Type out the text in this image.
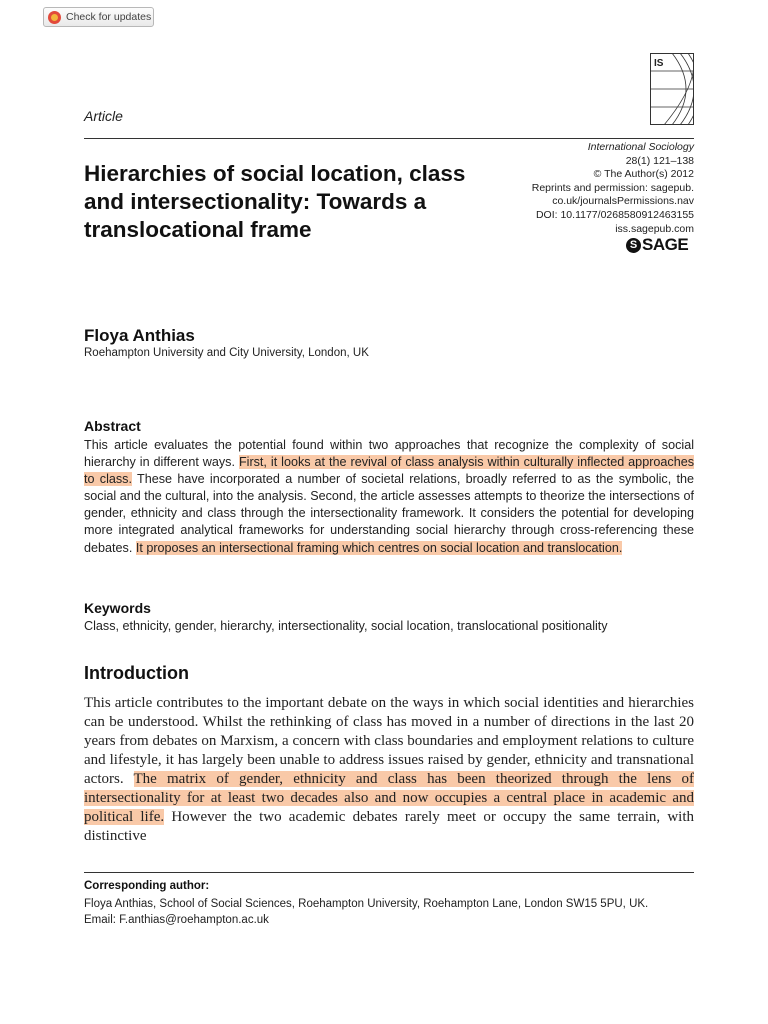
Check for updates
IS
Article
International Sociology
28(1) 121–138
© The Author(s) 2012
Reprints and permission: sagepub.
co.uk/journalsPermissions.nav
DOI: 10.1177/0268580912463155
iss.sagepub.com
S SAGE
Hierarchies of social location, class and intersectionality: Towards a translocational frame
Floya Anthias
Roehampton University and City University, London, UK
Abstract

This article evaluates the potential found within two approaches that recognize the complexity of social hierarchy in different ways. First, it looks at the revival of class analysis within culturally inflected approaches to class. These have incorporated a number of societal relations, broadly referred to as the symbolic, the social and the cultural, into the analysis. Second, the article assesses attempts to theorize the intersections of gender, ethnicity and class through the intersectionality framework. It considers the potential for developing more integrated analytical frameworks for understanding social hierarchy through cross-referencing these debates. It proposes an intersectional framing which centres on social location and translocation.

Keywords
Class, ethnicity, gender, hierarchy, intersectionality, social location, translocational positionality
Introduction

This article contributes to the important debate on the ways in which social identities and hierarchies can be understood. Whilst the rethinking of class has moved in a number of directions in the last 20 years from debates on Marxism, a concern with class boundaries and employment relations to culture and lifestyle, it has largely been unable to address issues raised by gender, ethnicity and transnational actors. The matrix of gender, ethnicity and class has been theorized through the lens of intersectionality for at least two decades also and now occupies a central place in academic and political life. However the two academic debates rarely meet or occupy the same terrain, with distinctive

Corresponding author:
Floya Anthias, School of Social Sciences, Roehampton University, Roehampton Lane, London SW15 5PU, UK.
Email: F.anthias@roehampton.ac.uk
